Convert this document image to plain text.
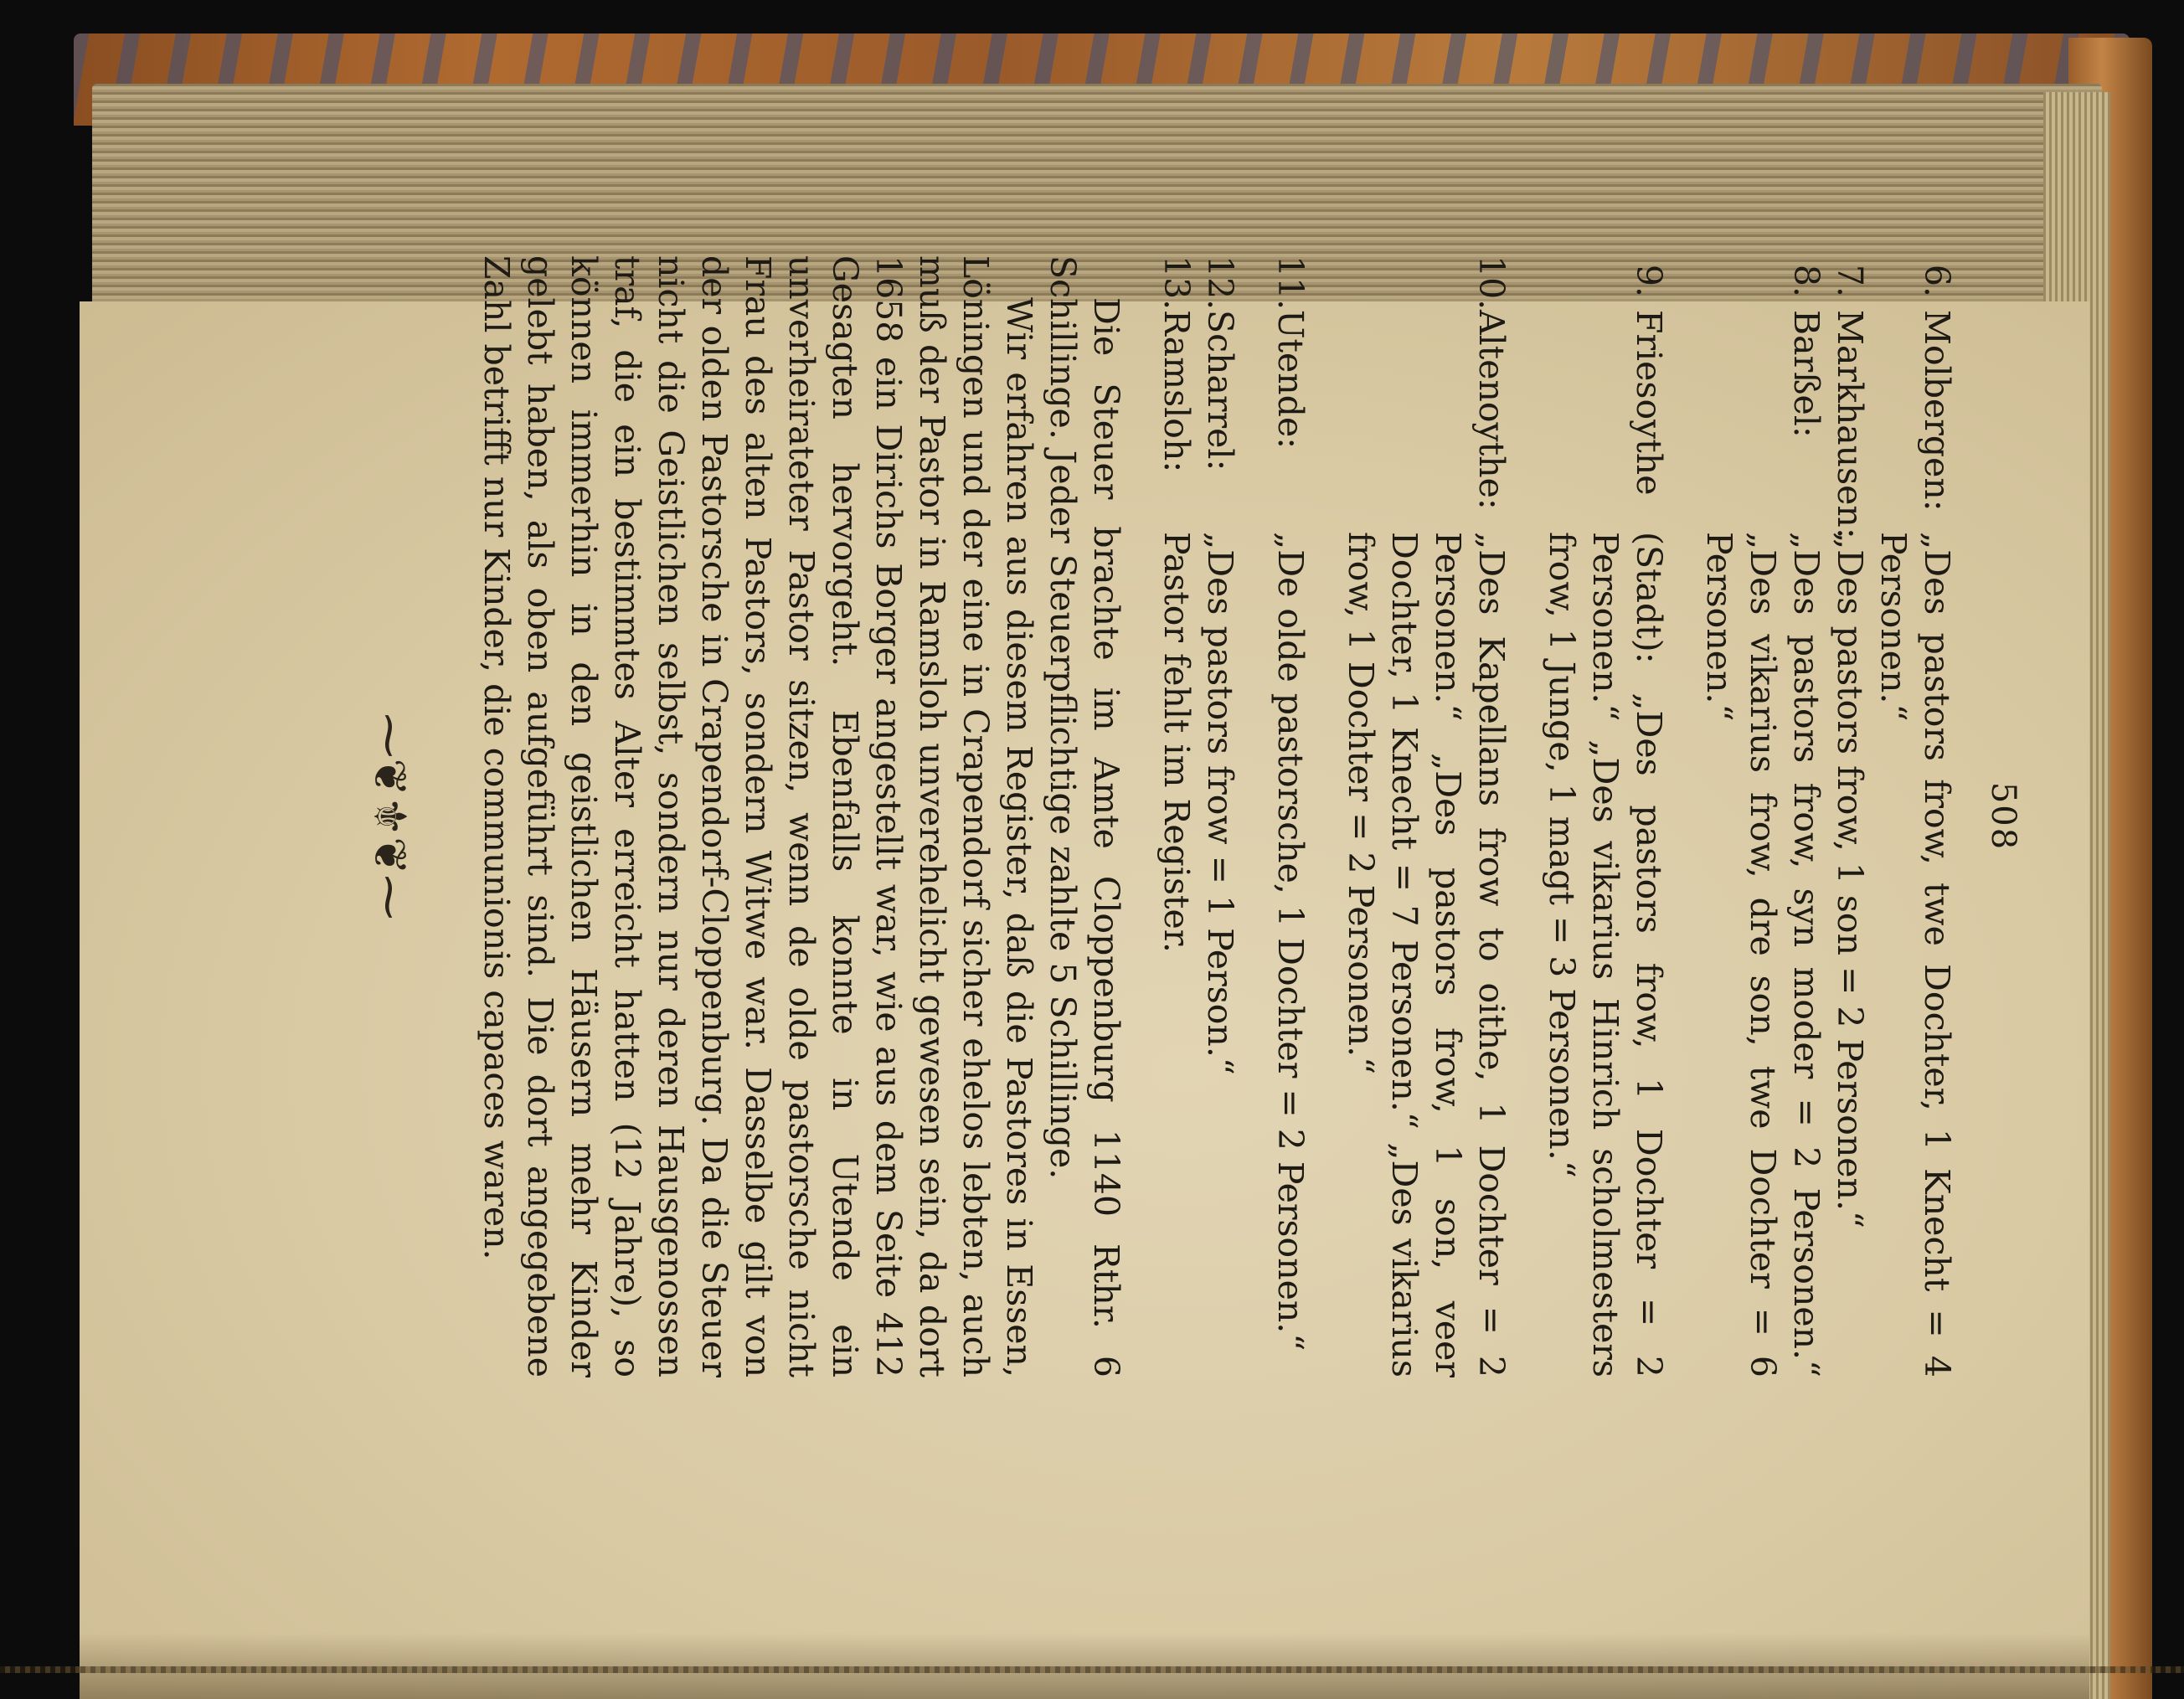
508

6.
Molbergen:
„Des pastors frow, twe Dochter, 1 Knecht = 4 Personen.“

7.
Markhausen:
„Des pastors frow, 1 son = 2 Personen.“

8.
Barßel:
„Des pastors frow, syn moder = 2 Personen.“ „Des vikarius frow, dre son, twe Dochter = 6 Personen.“

9.
Friesoythe
(Stadt): „Des pastors frow, 1 Dochter = 2 Personen.“ „Des vikarius Hinrich scholmesters frow, 1 Junge, 1 magt = 3 Personen.“

10.
Altenoythe:
„Des Kapellans frow to oithe, 1 Dochter = 2 Personen.“ „Des pastors frow, 1 son, veer Dochter, 1 Knecht = 7 Personen.“ „Des vikarius frow, 1 Dochter = 2 Personen.“

11.
Utende:
„De olde pastorsche, 1 Dochter = 2 Personen.“

12.
Scharrel:
„Des pastors frow = 1 Person.“

13.
Ramsloh:
Pastor fehlt im Register.

Die Steuer brachte im Amte Cloppenburg 1140 Rthr. 6 Schillinge. Jeder Steuerpflichtige zahlte 5 Schillinge.

Wir erfahren aus diesem Register, daß die Pastores in Essen, Löningen und der eine in Crapendorf sicher ehelos lebten, auch muß der Pastor in Ramsloh unverehelicht gewesen sein, da dort 1658 ein Dirichs Borger angestellt war, wie aus dem Seite 412 Gesagten hervorgeht. Ebenfalls konnte in Utende ein unverheirateter Pastor sitzen, wenn de olde pastorsche nicht Frau des alten Pastors, sondern Witwe war. Dasselbe gilt von der olden Pastorsche in Crapendorf-Cloppenburg. Da die Steuer nicht die Geistlichen selbst, sondern nur deren Hausgenossen traf, die ein bestimmtes Alter erreicht hatten (12 Jahre), so können immerhin in den geistlichen Häusern mehr Kinder gelebt haben, als oben aufgeführt sind. Die dort angegebene Zahl betrifft nur Kinder, die communionis capaces waren.

⁓❦⚜❦⁓
